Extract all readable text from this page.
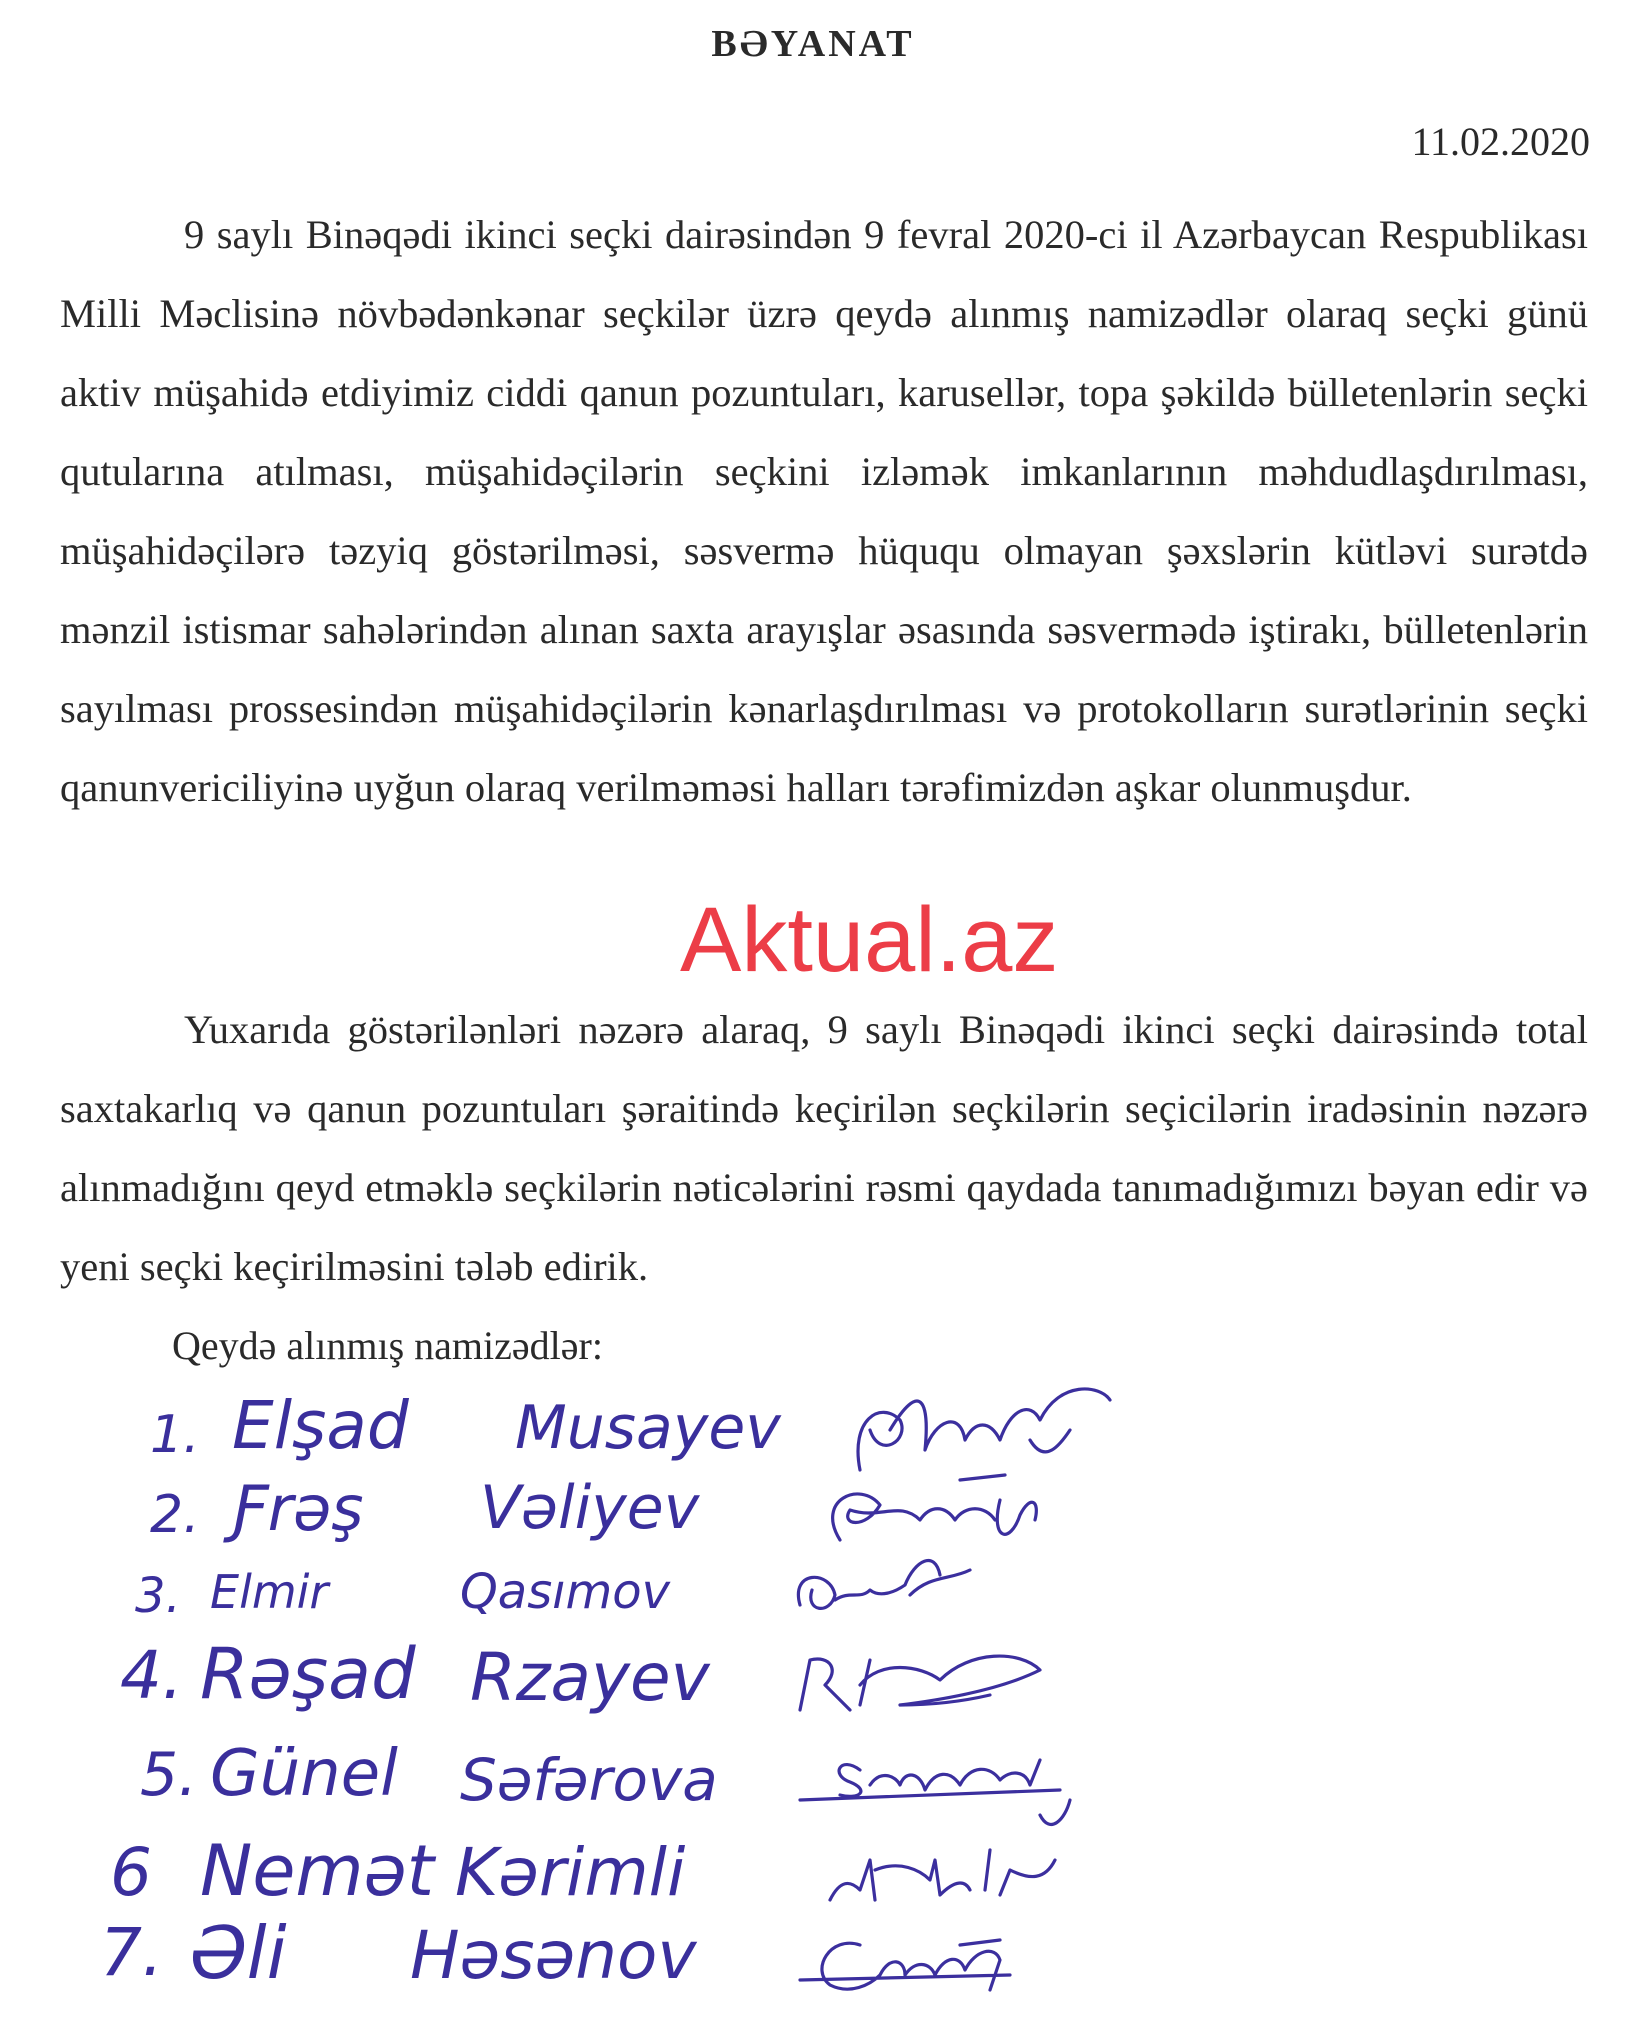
BƏYANAT
11.02.2020

9 saylı Binəqədi ikinci seçki dairəsindən 9 fevral 2020-ci il Azərbaycan Respublikası Milli Məclisinə növbədənkənar seçkilər üzrə qeydə alınmış namizədlər olaraq seçki günü aktiv müşahidə etdiyimiz ciddi qanun pozuntuları, karusellər, topa şəkildə bülletenlərin seçki qutularına atılması, müşahidəçilərin seçkini izləmək imkanlarının məhdudlaşdırılması, müşahidəçilərə təzyiq göstərilməsi, səsvermə hüququ olmayan şəxslərin kütləvi surətdə mənzil istismar sahələrindən alınan saxta arayışlar əsasında səsvermədə iştirakı, bülletenlərin sayılması prossesindən müşahidəçilərin kənarlaşdırılması və protokolların surətlərinin seçki qanunvericiliyinə uyğun olaraq verilməməsi halları tərəfimizdən aşkar olunmuşdur.

Aktual.az

Yuxarıda göstərilənləri nəzərə alaraq, 9 saylı Binəqədi ikinci seçki dairəsində total saxtakarlıq və qanun pozuntuları şəraitində keçirilən seçkilərin seçicilərin iradəsinin nəzərə alınmadığını qeyd etməklə seçkilərin nəticələrini rəsmi qaydada tanımadığımızı bəyan edir və yeni seçki keçirilməsini tələb edirik.

Qeydə alınmış namizədlər:
1. Elşad Musayev
2. Ƒrəş Vəliyev
3. Elmir	Qasımov
4. Rəşad Rzayev
5. Günel Səfərova
6 Nemət Kərimli
7. Əli Həsənov
